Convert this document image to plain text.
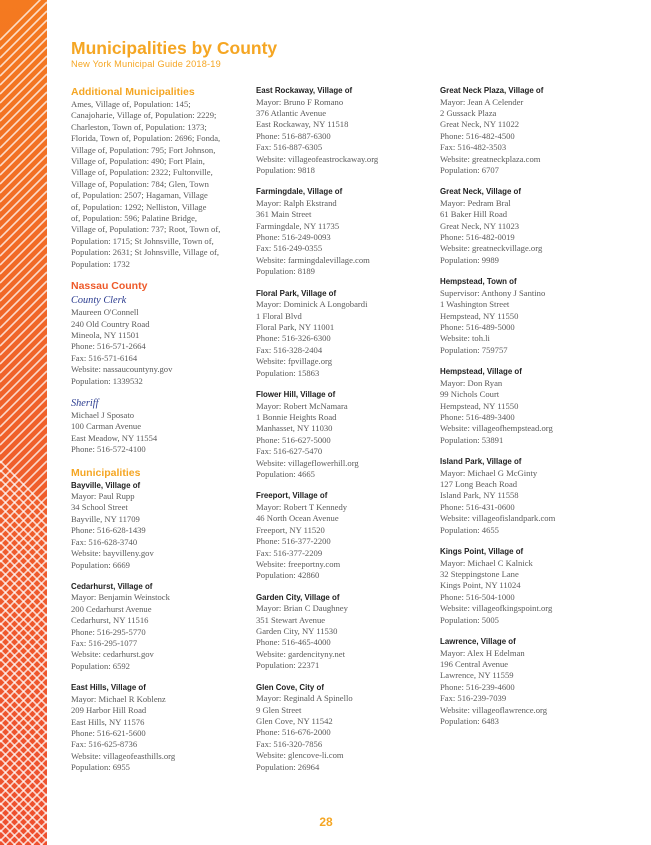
Municipalities by County
New York Municipal Guide 2018-19
Additional Municipalities
Ames, Village of, Population: 145;
Canajoharie, Village of, Population: 2229;
Charleston, Town of, Population: 1373;
Florida, Town of, Population: 2696; Fonda,
Village of, Population: 795; Fort Johnson,
Village of, Population: 490; Fort Plain,
Village of, Population: 2322; Fultonville,
Village of, Population: 784; Glen, Town
of, Population: 2507; Hagaman, Village
of, Population: 1292; Nelliston, Village
of, Population: 596; Palatine Bridge,
Village of, Population: 737; Root, Town of,
Population: 1715; St Johnsville, Town of,
Population: 2631; St Johnsville, Village of,
Population: 1732
Nassau County
County Clerk
Maureen O'Connell
240 Old Country Road
Mineola, NY 11501
Phone: 516-571-2664
Fax: 516-571-6164
Website: nassaucountyny.gov
Population: 1339532
Sheriff
Michael J Sposato
100 Carman Avenue
East Meadow, NY 11554
Phone: 516-572-4100
Municipalities
Bayville, Village of
Mayor: Paul Rupp
34 School Street
Bayville, NY 11709
Phone: 516-628-1439
Fax: 516-628-3740
Website: bayvilleny.gov
Population: 6669
Cedarhurst, Village of
Mayor: Benjamin Weinstock
200 Cedarhurst Avenue
Cedarhurst, NY 11516
Phone: 516-295-5770
Fax: 516-295-1077
Website: cedarhurst.gov
Population: 6592
East Hills, Village of
Mayor: Michael R Koblenz
209 Harbor Hill Road
East Hills, NY 11576
Phone: 516-621-5600
Fax: 516-625-8736
Website: villageofeasthills.org
Population: 6955
East Rockaway, Village of
Mayor: Bruno F Romano
376 Atlantic Avenue
East Rockaway, NY 11518
Phone: 516-887-6300
Fax: 516-887-6305
Website: villageofeastrockaway.org
Population: 9818
Farmingdale, Village of
Mayor: Ralph Ekstrand
361 Main Street
Farmingdale, NY 11735
Phone: 516-249-0093
Fax: 516-249-0355
Website: farmingdalevillage.com
Population: 8189
Floral Park, Village of
Mayor: Dominick A Longobardi
1 Floral Blvd
Floral Park, NY 11001
Phone: 516-326-6300
Fax: 516-328-2404
Website: fpvillage.org
Population: 15863
Flower Hill, Village of
Mayor: Robert McNamara
1 Bonnie Heights Road
Manhasset, NY 11030
Phone: 516-627-5000
Fax: 516-627-5470
Website: villageflowerhill.org
Population: 4665
Freeport, Village of
Mayor: Robert T Kennedy
46 North Ocean Avenue
Freeport, NY 11520
Phone: 516-377-2200
Fax: 516-377-2209
Website: freeportny.com
Population: 42860
Garden City, Village of
Mayor: Brian C Daughney
351 Stewart Avenue
Garden City, NY 11530
Phone: 516-465-4000
Website: gardencityny.net
Population: 22371
Glen Cove, City of
Mayor: Reginald A Spinello
9 Glen Street
Glen Cove, NY 11542
Phone: 516-676-2000
Fax: 516-320-7856
Website: glencove-li.com
Population: 26964
Great Neck Plaza, Village of
Mayor: Jean A Celender
2 Gussack Plaza
Great Neck, NY 11022
Phone: 516-482-4500
Fax: 516-482-3503
Website: greatneckplaza.com
Population: 6707
Great Neck, Village of
Mayor: Pedram Bral
61 Baker Hill Road
Great Neck, NY 11023
Phone: 516-482-0019
Website: greatneckvillage.org
Population: 9989
Hempstead, Town of
Supervisor: Anthony J Santino
1 Washington Street
Hempstead, NY 11550
Phone: 516-489-5000
Website: toh.li
Population: 759757
Hempstead, Village of
Mayor: Don Ryan
99 Nichols Court
Hempstead, NY 11550
Phone: 516-489-3400
Website: villageofhempstead.org
Population: 53891
Island Park, Village of
Mayor: Michael G McGinty
127 Long Beach Road
Island Park, NY 11558
Phone: 516-431-0600
Website: villageofislandpark.com
Population: 4655
Kings Point, Village of
Mayor: Michael C Kalnick
32 Steppingstone Lane
Kings Point, NY 11024
Phone: 516-504-1000
Website: villageofkingspoint.org
Population: 5005
Lawrence, Village of
Mayor: Alex H Edelman
196 Central Avenue
Lawrence, NY 11559
Phone: 516-239-4600
Fax: 516-239-7039
Website: villageoflawrence.org
Population: 6483
28
